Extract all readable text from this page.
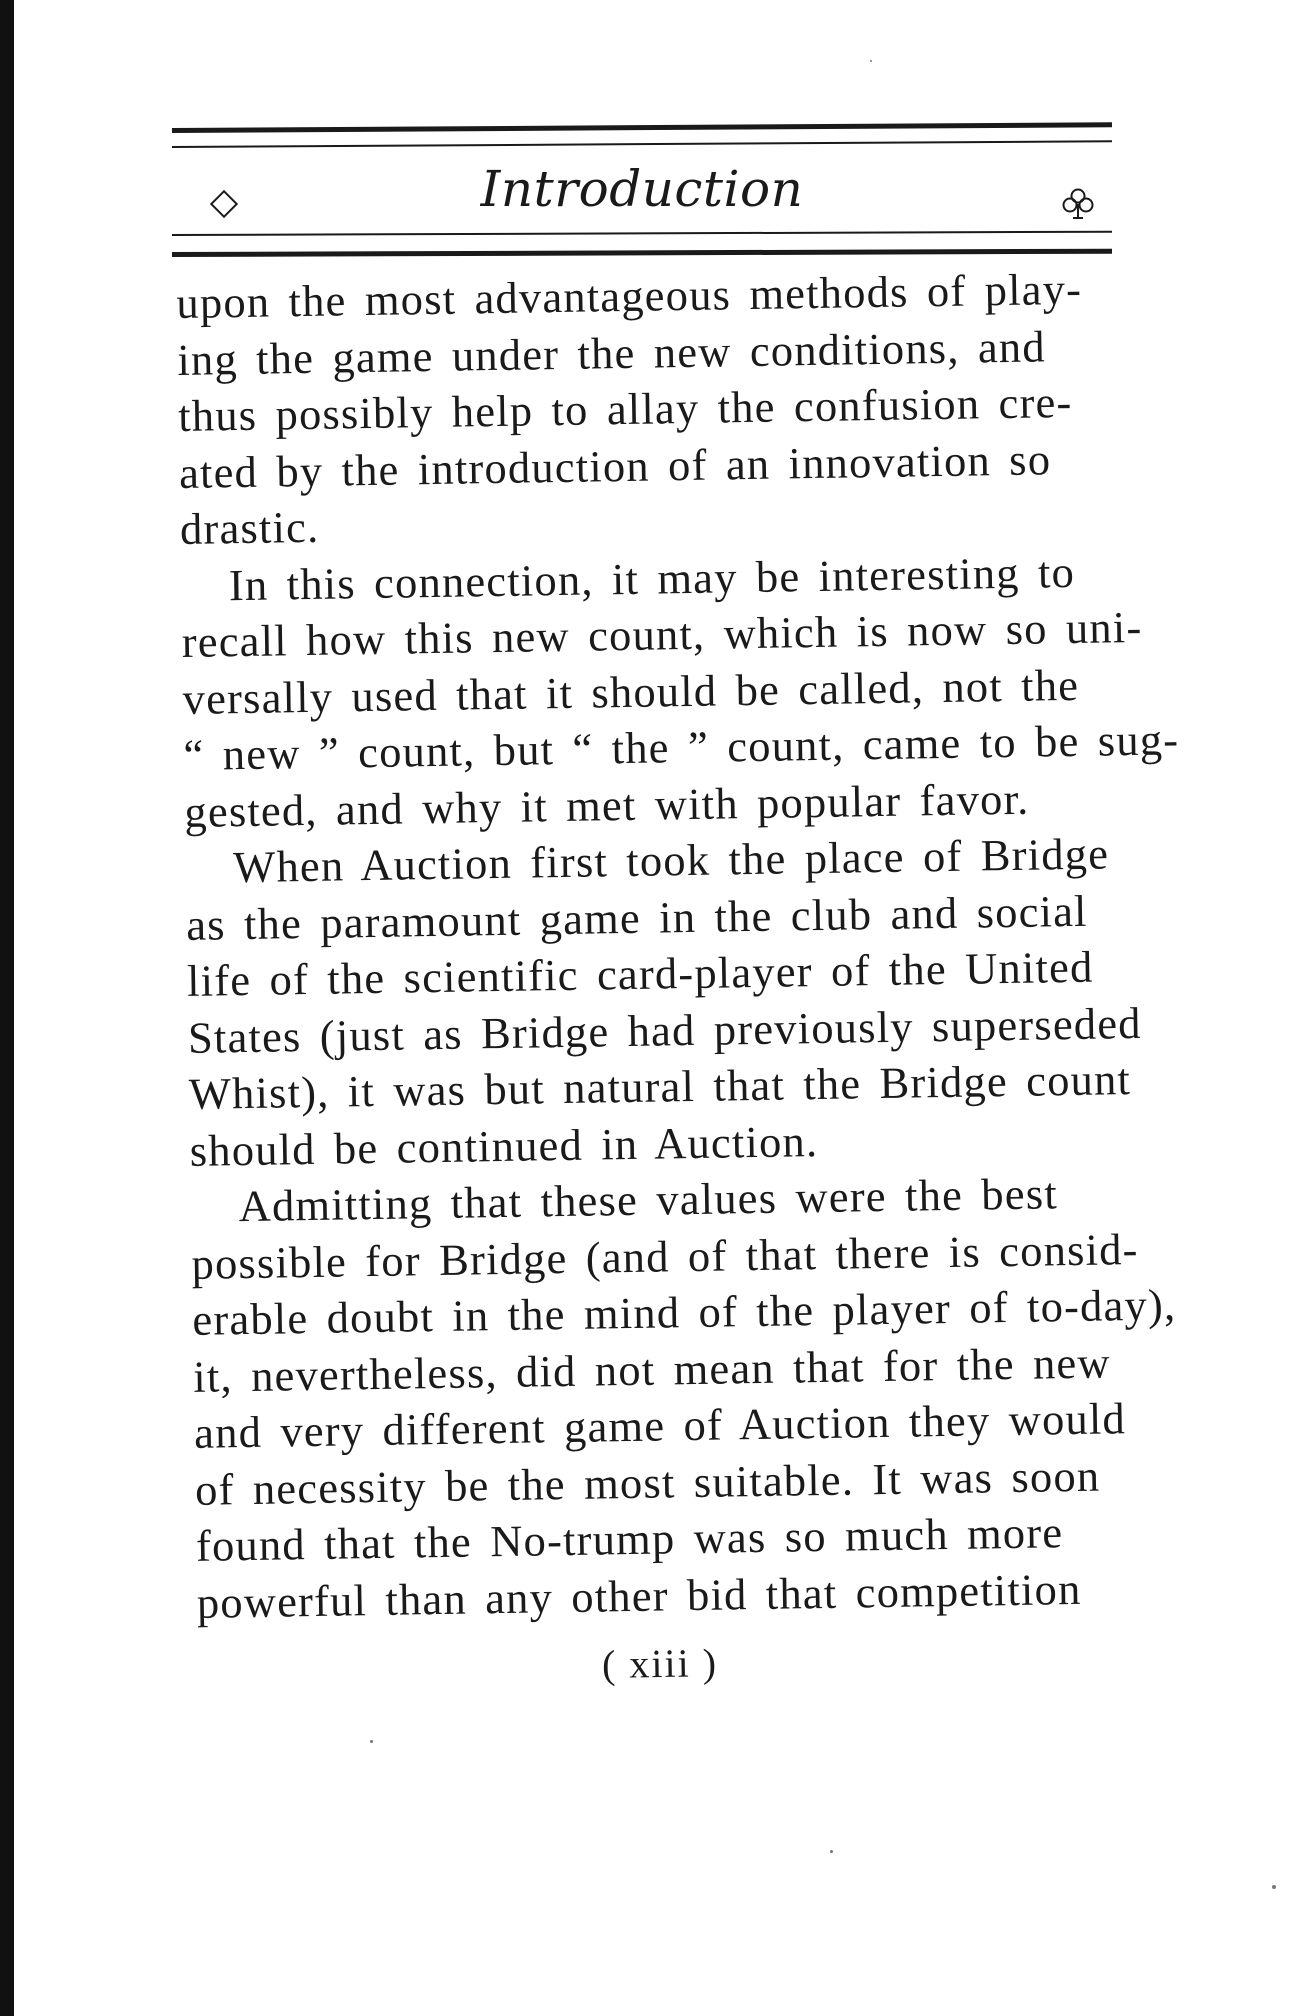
Introduction
upon the most advantageous methods of play-
ing the game under the new conditions, and
thus possibly help to allay the confusion cre-
ated by the introduction of an innovation so
drastic.
In this connection, it may be interesting to
recall how this new count, which is now so uni-
versally used that it should be called, not the
“ new ” count, but “ the ” count, came to be sug-
gested, and why it met with popular favor.
When Auction first took the place of Bridge
as the paramount game in the club and social
life of the scientific card-player of the United
States (just as Bridge had previously superseded
Whist), it was but natural that the Bridge count
should be continued in Auction.
Admitting that these values were the best
possible for Bridge (and of that there is consid-
erable doubt in the mind of the player of to-day),
it, nevertheless, did not mean that for the new
and very different game of Auction they would
of necessity be the most suitable. It was soon
found that the No-trump was so much more
powerful than any other bid that competition
( xiii )
